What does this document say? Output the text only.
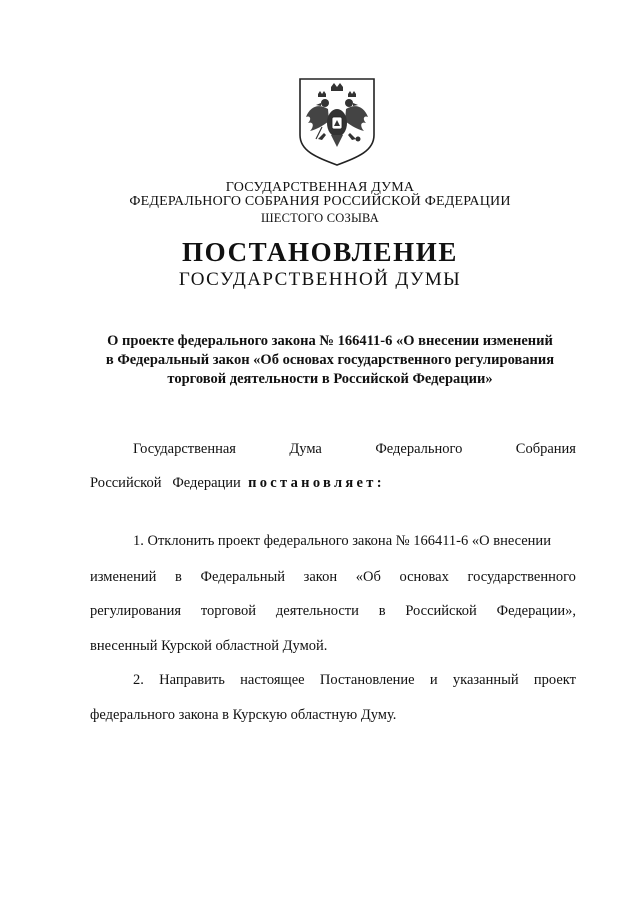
ГОСУДАРСТВЕННАЯ ДУМА
ФЕДЕРАЛЬНОГО СОБРАНИЯ РОССИЙСКОЙ ФЕДЕРАЦИИ
ШЕСТОГО СОЗЫВА
ПОСТАНОВЛЕНИЕ
ГОСУДАРСТВЕННОЙ ДУМЫ
О проекте федерального закона № 166411-6 «О внесении изменений
в Федеральный закон «Об основах государственного регулирования
торговой деятельности в Российской Федерации»
Государственная	Дума	Федерального	Собрания
Российской   Федерации  постановляет:
1. Отклонить проект федерального закона № 166411-6 «О внесении
изменений в Федеральный закон «Об основах государственного
регулирования торговой деятельности в Российской Федерации»,
внесенный Курской областной Думой.
2. Направить настоящее Постановление и указанный проект
федерального закона в Курскую областную Думу.
